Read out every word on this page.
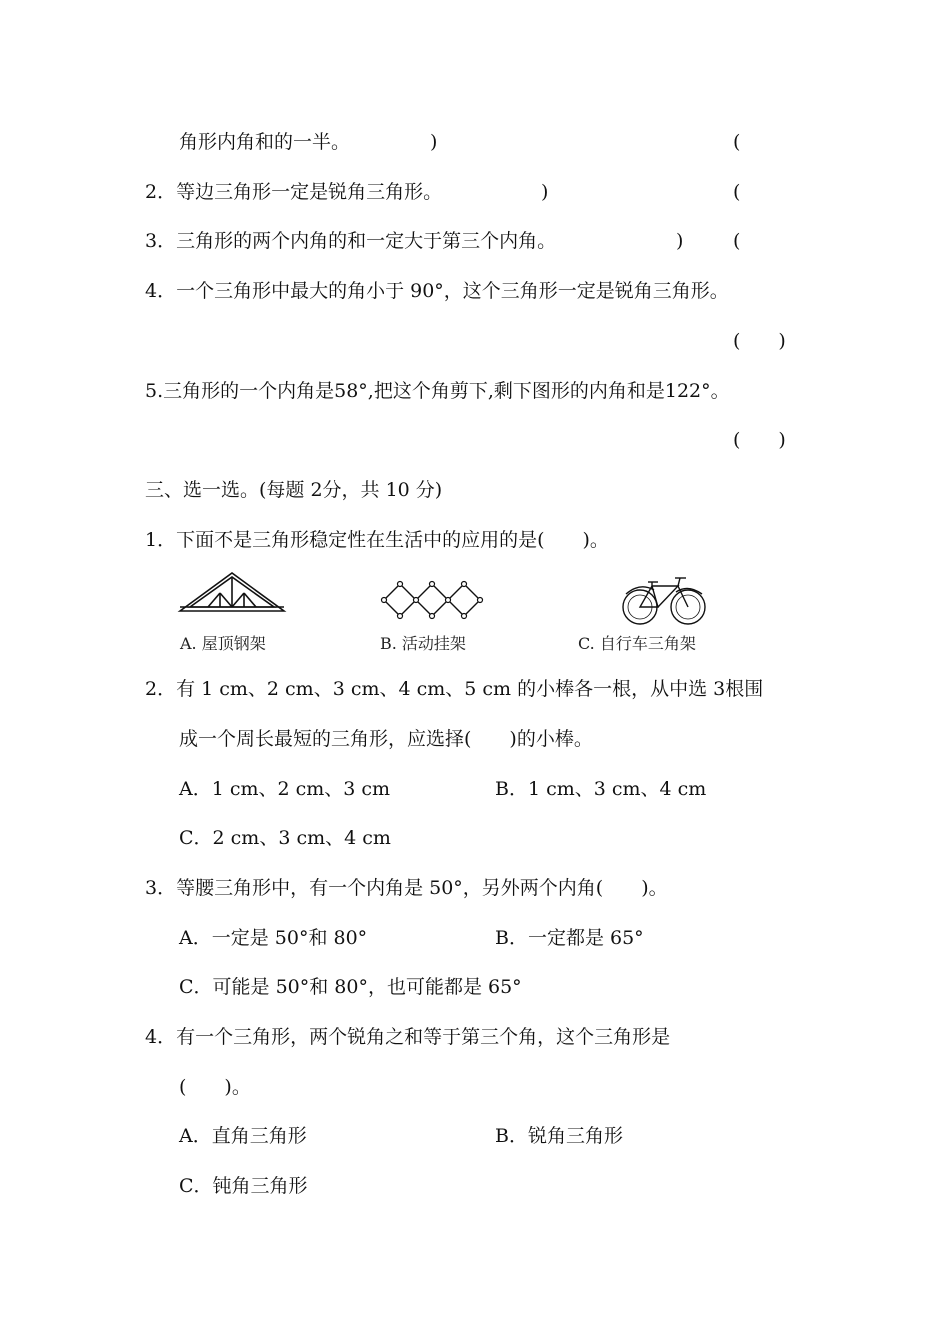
角形内角和的一半。	)	(
2．等边三角形一定是锐角三角形。	)	(
3．三角形的两个内角的和一定大于第三个内角。	)	(
4．一个三角形中最大的角小于 90°，这个三角形一定是锐角三角形。
(　　)
5.三角形的一个内角是58°,把这个角剪下,剩下图形的内角和是122°。
(　　)
三、选一选。(每题 2分，共 10 分)
1．下面不是三角形稳定性在生活中的应用的是(　　)。
A. 屋顶钢架	B. 活动挂架	C. 自行车三角架
2．有 1 cm、2 cm、3 cm、4 cm、5 cm 的小棒各一根，从中选 3根围
成一个周长最短的三角形，应选择(　　)的小棒。
A．1 cm、2 cm、3 cm	B．1 cm、3 cm、4 cm
C．2 cm、3 cm、4 cm
3．等腰三角形中，有一个内角是 50°，另外两个内角(　　)。
A．一定是 50°和 80°	B．一定都是 65°
C．可能是 50°和 80°，也可能都是 65°
4．有一个三角形，两个锐角之和等于第三个角，这个三角形是
(　　)。
A．直角三角形	B．锐角三角形
C．钝角三角形
